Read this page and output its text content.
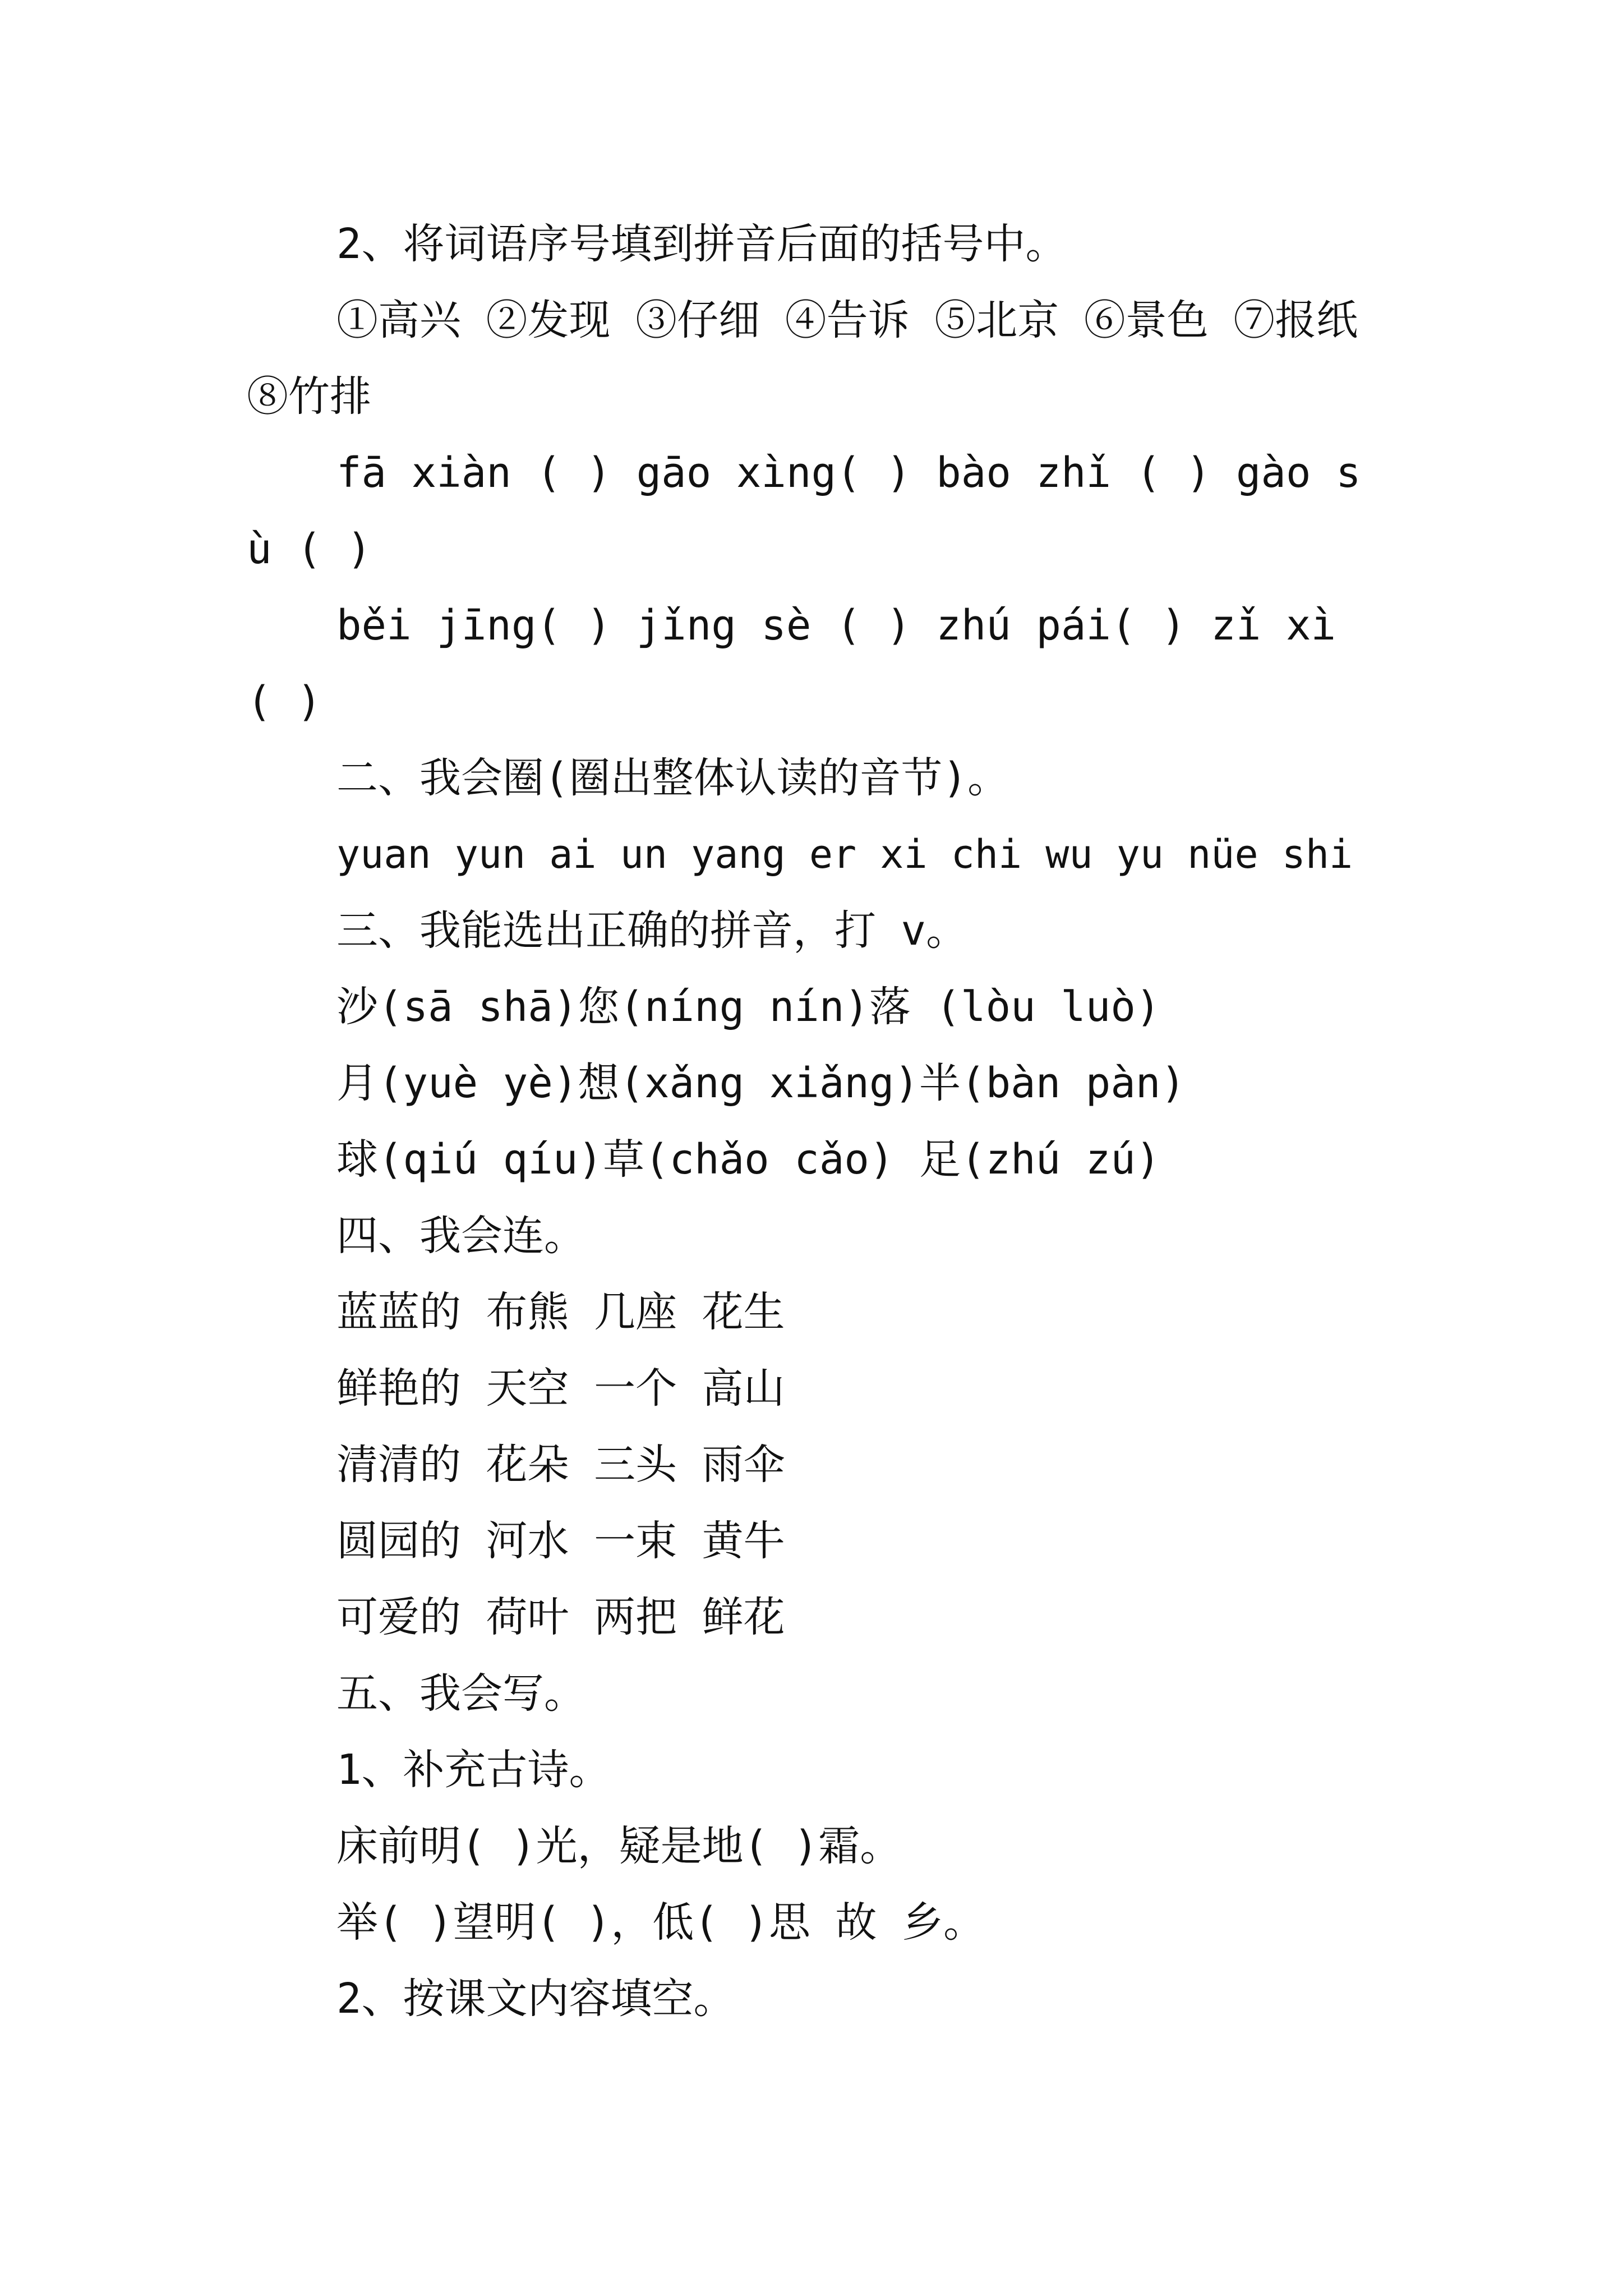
2、将词语序号填到拼音后面的括号中。
①高兴 ②发现 ③仔细 ④告诉 ⑤北京 ⑥景色 ⑦报纸
⑧竹排
fā xiàn ( ) gāo xìng( ) bào zhǐ ( ) gào s
ù ( )
běi jīng( ) jǐng sè ( ) zhú pái( ) zǐ xì
( )
二、我会圈(圈出整体认读的音节)。
yuan yun ai un yang er xi chi wu yu nüe shi
三、我能选出正确的拼音，打 v。
沙(sā shā)您(níng nín)落 (lòu luò)
月(yuè yè)想(xǎng xiǎng)半(bàn pàn)
球(qiú qíu)草(chǎo cǎo) 足(zhú zú)
四、我会连。
蓝蓝的 布熊 几座 花生
鲜艳的 天空 一个 高山
清清的 花朵 三头 雨伞
圆园的 河水 一束 黄牛
可爱的 荷叶 两把 鲜花
五、我会写。
1、补充古诗。
床前明( )光，疑是地( )霜。
举( )望明( )，低( )思 故 乡。
2、按课文内容填空。
